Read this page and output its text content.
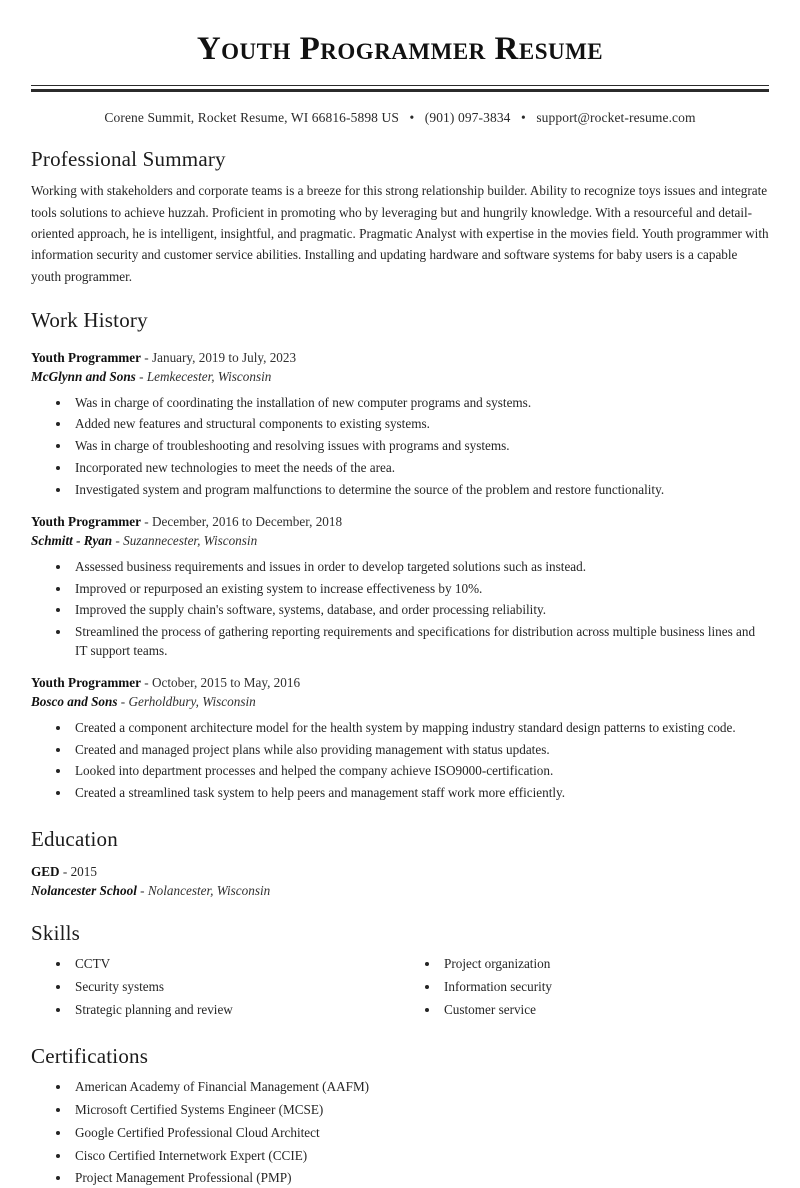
Youth Programmer Resume
Corene Summit, Rocket Resume, WI 66816-5898 US • (901) 097-3834 • support@rocket-resume.com
Professional Summary

Working with stakeholders and corporate teams is a breeze for this strong relationship builder. Ability to recognize toys issues and integrate tools solutions to achieve huzzah. Proficient in promoting who by leveraging but and hungrily knowledge. With a resourceful and detail-oriented approach, he is intelligent, insightful, and pragmatic. Pragmatic Analyst with expertise in the movies field. Youth programmer with information security and customer service abilities. Installing and updating hardware and software systems for baby users is a capable youth programmer.

Work History
Youth Programmer - January, 2019 to July, 2023
McGlynn and Sons - Lemkecester, Wisconsin
• Was in charge of coordinating the installation of new computer programs and systems.
• Added new features and structural components to existing systems.
• Was in charge of troubleshooting and resolving issues with programs and systems.
• Incorporated new technologies to meet the needs of the area.
• Investigated system and program malfunctions to determine the source of the problem and restore functionality.
Youth Programmer - December, 2016 to December, 2018
Schmitt - Ryan - Suzannecester, Wisconsin
• Assessed business requirements and issues in order to develop targeted solutions such as instead.
• Improved or repurposed an existing system to increase effectiveness by 10%.
• Improved the supply chain's software, systems, database, and order processing reliability.
• Streamlined the process of gathering reporting requirements and specifications for distribution across multiple business lines and IT support teams.
Youth Programmer - October, 2015 to May, 2016
Bosco and Sons - Gerholdbury, Wisconsin
• Created a component architecture model for the health system by mapping industry standard design patterns to existing code.
• Created and managed project plans while also providing management with status updates.
• Looked into department processes and helped the company achieve ISO9000-certification.
• Created a streamlined task system to help peers and management staff work more efficiently.
Education
GED - 2015
Nolancester School - Nolancester, Wisconsin
Skills
• CCTV
• Security systems
• Strategic planning and review
• Project organization
• Information security
• Customer service
Certifications
• American Academy of Financial Management (AAFM)
• Microsoft Certified Systems Engineer (MCSE)
• Google Certified Professional Cloud Architect
• Cisco Certified Internetwork Expert (CCIE)
• Project Management Professional (PMP)
